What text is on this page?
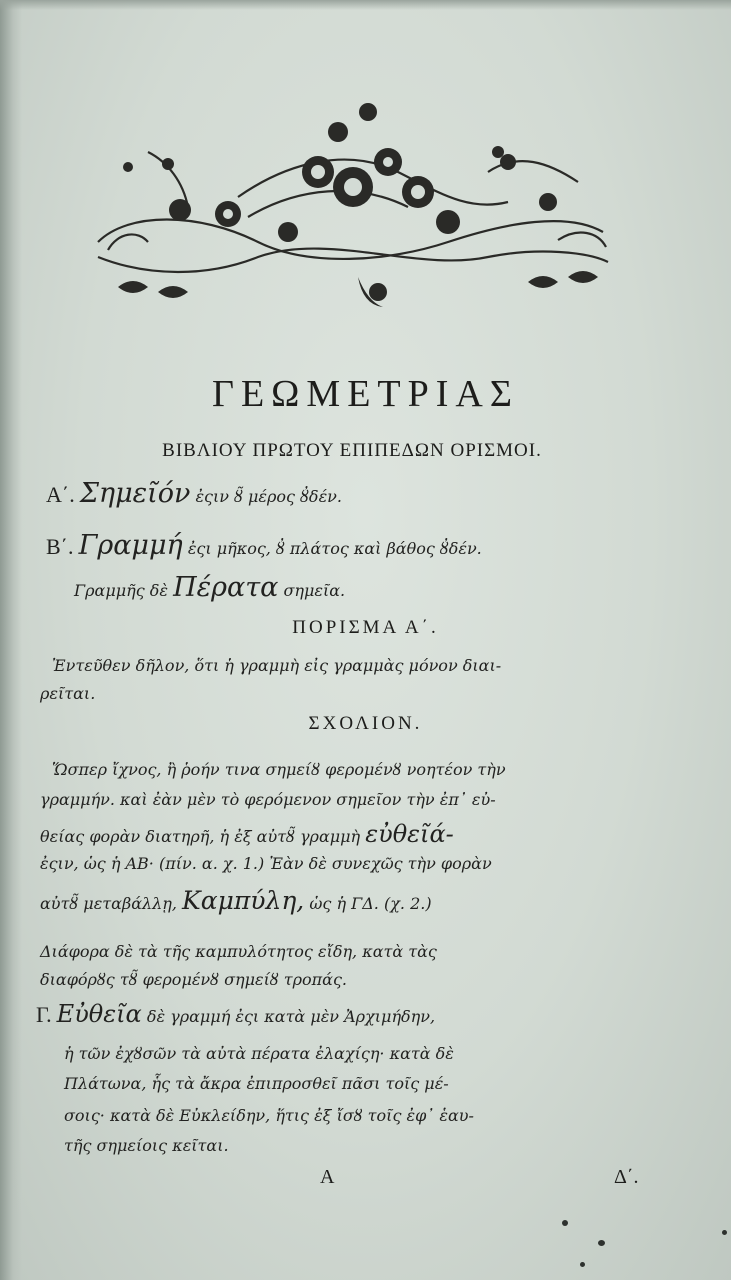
ΓΕΩΜΕΤΡΙΑΣ
ΒΙΒΛΙΟΥ ΠΡΩΤΟΥ ΕΠΙΠΕΔΩΝ ΟΡΙΣΜΟΙ.
Α΄. Σημεῖόν ἐςιν ȣ̃ μέρος ȣ̓δέν.
Β΄. Γραμμή ἐςι μῆκος, ȣ̓ πλάτος καὶ βάθος ȣ̓δέν.
Γραμμῆς δὲ Πέρατα σημεῖα.
ΠΟΡΙΣΜΑ Α΄.
Ἐντεῦθεν δῆλον, ὅτι ἡ γραμμὴ εἰς γραμμὰς μόνον διαι-
ρεῖται.
ΣΧΟΛΙΟΝ.
Ὥσπερ ἴχνος, ἢ ῥοήν τινα σημείȣ φερομένȣ νοητέον τὴν
γραμμήν. καὶ ἐὰν μὲν τὸ φερόμενον σημεῖον τὴν ἐπ᾽ εὐ-
θείας φορὰν διατηρῆ, ἡ ἐξ αὐτȣ̃ γραμμὴ εὐθεῖά-
ἐςιν, ὡς ἡ ΑΒ· (πίν. α. χ. 1.) Ἐὰν δὲ συνεχῶς τὴν φορὰν
αὐτȣ̃ μεταβάλλῃ, Καμπύλη, ὡς ἡ ΓΔ. (χ. 2.)
Διάφορα δὲ τὰ τῆς καμπυλότητος εἴδη, κατὰ τὰς
διαφόρȣς τȣ̃ φερομένȣ σημείȣ τροπάς.
Γ. Εὐθεῖα δὲ γραμμή ἐςι κατὰ μὲν Ἀρχιμήδην,
ἡ τῶν ἐχȣσῶν τὰ αὐτὰ πέρατα ἐλαχίςη· κατὰ δὲ
Πλάτωνα, ἧς τὰ ἄκρα ἐπιπροσθεῖ πᾶσι τοῖς μέ-
σοις· κατὰ δὲ Εὐκλείδην, ἥτις ἐξ ἴσȣ τοῖς ἐφ᾽ ἑαυ-
τῆς σημείοις κεῖται.
Α	Δ΄.
